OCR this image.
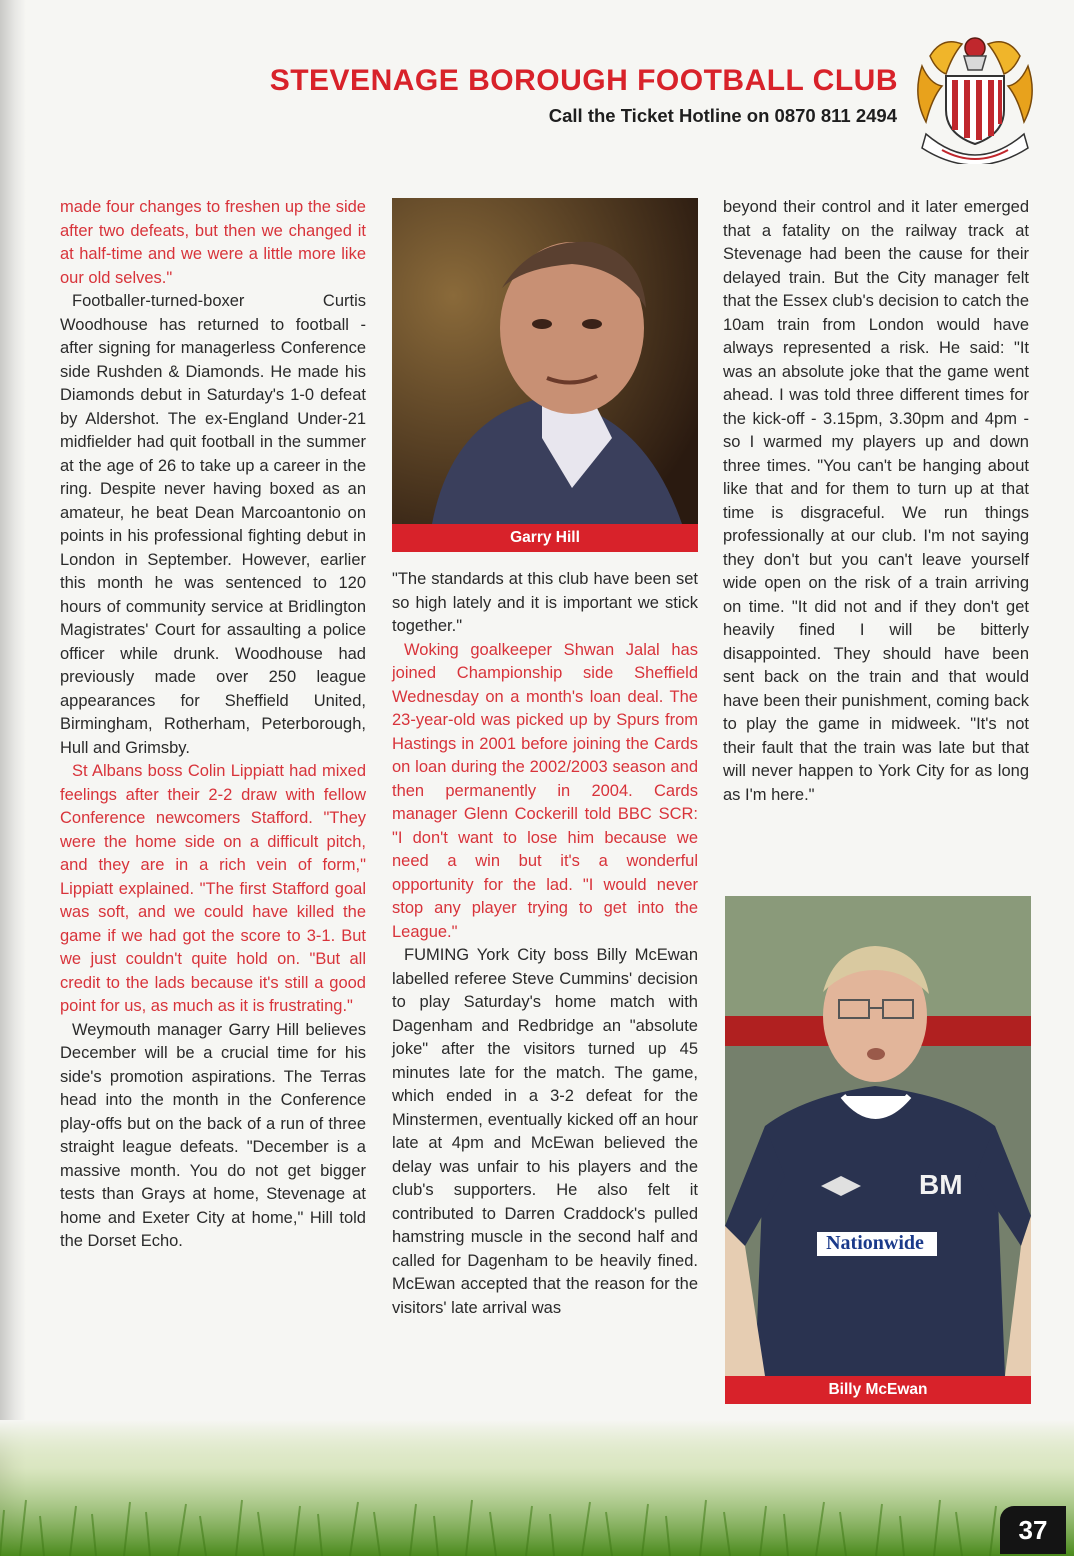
STEVENAGE BOROUGH FOOTBALL CLUB
Call the Ticket Hotline on 0870 811 2494

made four changes to freshen up the side after two defeats, but then we changed it at half-time and we were a little more like our old selves."

Footballer-turned-boxer Curtis Woodhouse has returned to football - after signing for managerless Conference side Rushden & Diamonds. He made his Diamonds debut in Saturday's 1-0 defeat by Aldershot. The ex-England Under-21 midfielder had quit football in the summer at the age of 26 to take up a career in the ring. Despite never having boxed as an amateur, he beat Dean Marcoantonio on points in his professional fighting debut in London in September. However, earlier this month he was sentenced to 120 hours of community service at Bridlington Magistrates' Court for assaulting a police officer while drunk. Woodhouse had previously made over 250 league appearances for Sheffield United, Birmingham, Rotherham, Peterborough, Hull and Grimsby.

St Albans boss Colin Lippiatt had mixed feelings after their 2-2 draw with fellow Conference newcomers Stafford. "They were the home side on a difficult pitch, and they are in a rich vein of form," Lippiatt explained. "The first Stafford goal was soft, and we could have killed the game if we had got the score to 3-1. But we just couldn't quite hold on. "But all credit to the lads because it's still a good point for us, as much as it is frustrating."

Weymouth manager Garry Hill believes December will be a crucial time for his side's promotion aspirations. The Terras head into the month in the Conference play-offs but on the back of a run of three straight league defeats. "December is a massive month. You do not get bigger tests than Grays at home, Stevenage at home and Exeter City at home," Hill told the Dorset Echo.

Garry Hill

"The standards at this club have been set so high lately and it is important we stick together."

Woking goalkeeper Shwan Jalal has joined Championship side Sheffield Wednesday on a month's loan deal. The 23-year-old was picked up by Spurs from Hastings in 2001 before joining the Cards on loan during the 2002/2003 season and then permanently in 2004. Cards manager Glenn Cockerill told BBC SCR: "I don't want to lose him because we need a win but it's a wonderful opportunity for the lad. "I would never stop any player trying to get into the League."

FUMING York City boss Billy McEwan labelled referee Steve Cummins' decision to play Saturday's home match with Dagenham and Redbridge an "absolute joke" after the visitors turned up 45 minutes late for the match. The game, which ended in a 3-2 defeat for the Minstermen, eventually kicked off an hour late at 4pm and McEwan believed the delay was unfair to his players and the club's supporters. He also felt it contributed to Darren Craddock's pulled hamstring muscle in the second half and called for Dagenham to be heavily fined. McEwan accepted that the reason for the visitors' late arrival was

beyond their control and it later emerged that a fatality on the railway track at Stevenage had been the cause for their delayed train. But the City manager felt that the Essex club's decision to catch the 10am train from London would have always represented a risk. He said: "It was an absolute joke that the game went ahead. I was told three different times for the kick-off - 3.15pm, 3.30pm and 4pm - so I warmed my players up and down three times. "You can't be hanging about like that and for them to turn up at that time is disgraceful. We run things professionally at our club. I'm not saying they don't but you can't leave yourself wide open on the risk of a train arriving on time. "It did not and if they don't get heavily fined I will be bitterly disappointed. They should have been sent back on the train and that would have been their punishment, coming back to play the game in midweek. "It's not their fault that the train was late but that will never happen to York City for as long as I'm here."

Nationwide
BM
Billy McEwan
37
